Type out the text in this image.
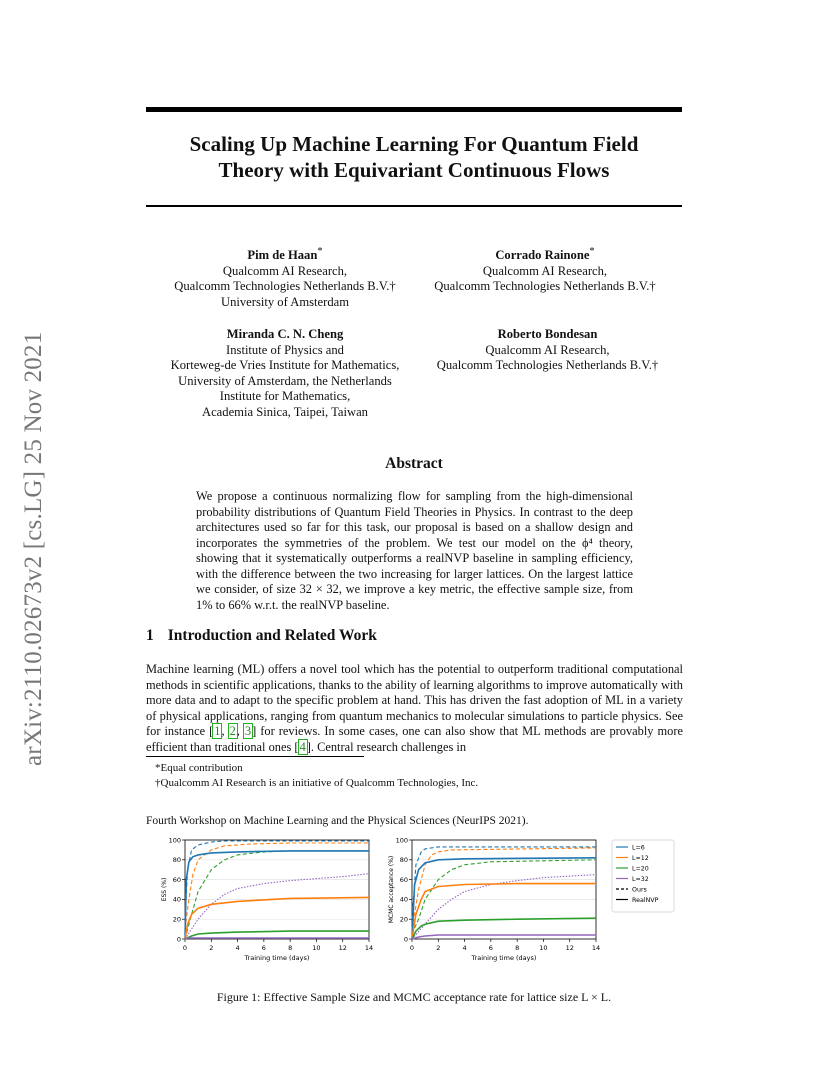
arXiv:2110.02673v2 [cs.LG] 25 Nov 2021
Scaling Up Machine Learning For Quantum Field
Theory with Equivariant Continuous Flows
Pim de Haan*
Qualcomm AI Research,
Qualcomm Technologies Netherlands B.V.†
University of Amsterdam
Corrado Rainone*
Qualcomm AI Research,
Qualcomm Technologies Netherlands B.V.†
Miranda C. N. Cheng
Institute of Physics and
Korteweg-de Vries Institute for Mathematics,
University of Amsterdam, the Netherlands
Institute for Mathematics,
Academia Sinica, Taipei, Taiwan
Roberto Bondesan
Qualcomm AI Research,
Qualcomm Technologies Netherlands B.V.†
Abstract
We propose a continuous normalizing flow for sampling from the high-dimensional probability distributions of Quantum Field Theories in Physics. In contrast to the deep architectures used so far for this task, our proposal is based on a shallow design and incorporates the symmetries of the problem. We test our model on the ϕ⁴ theory, showing that it systematically outperforms a realNVP baseline in sampling efficiency, with the difference between the two increasing for larger lattices. On the largest lattice we consider, of size 32 × 32, we improve a key metric, the effective sample size, from 1% to 66% w.r.t. the realNVP baseline.
1 Introduction and Related Work
Machine learning (ML) offers a novel tool which has the potential to outperform traditional computational methods in scientific applications, thanks to the ability of learning algorithms to improve automatically with more data and to adapt to the specific problem at hand. This has driven the fast adoption of ML in a variety of physical applications, ranging from quantum mechanics to molecular simulations to particle physics. See for instance [1, 2, 3] for reviews. In some cases, one can also show that ML methods are provably more efficient than traditional ones [4]. Central research challenges in
*Equal contribution
†Qualcomm AI Research is an initiative of Qualcomm Technologies, Inc.
Fourth Workshop on Machine Learning and the Physical Sciences (NeurIPS 2021).
0	2	4	6	8	10	12	14
0
20
40
60
80
100
Training time (days)
ESS (%)
0	2	4	6	8	10	12	14
0
20
40
60
80
100
Training time (days)
MCMC acceptance (%)
L=6
L=12
L=20
L=32
Ours
RealNVP
Figure 1: Effective Sample Size and MCMC acceptance rate for lattice size L × L.
